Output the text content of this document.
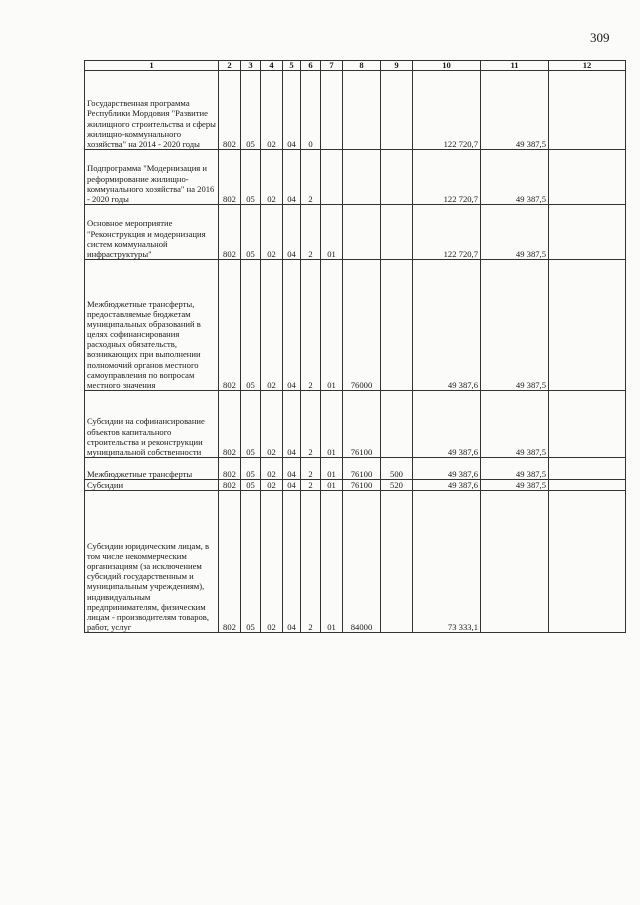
309
1	2	3	4	5	6	7	8	9	10	11	12
Государственная программа Республики Мордовия "Развитие жилищного строительства и сферы жилищно-коммунального хозяйства" на 2014 - 2020 годы	802	05	02	04	0				122 720,7	49 387,5	
Подпрограмма "Модернизация и реформирование жилищно-коммунального хозяйства" на 2016 - 2020 годы	802	05	02	04	2				122 720,7	49 387,5	
Основное мероприятие "Реконструкция и модернизация систем коммунальной инфраструктуры"	802	05	02	04	2	01			122 720,7	49 387,5	
Межбюджетные трансферты, предоставляемые бюджетам муниципальных образований в целях софинансирования расходных обязательств, возникающих при выполнении полномочий органов местного самоуправления по вопросам местного значения	802	05	02	04	2	01	76000		49 387,6	49 387,5	
Субсидии на софинансирование объектов капитального строительства и реконструкции муниципальной собственности	802	05	02	04	2	01	76100		49 387,6	49 387,5	
Межбюджетные трансферты	802	05	02	04	2	01	76100	500	49 387,6	49 387,5	
Субсидии	802	05	02	04	2	01	76100	520	49 387,6	49 387,5	
Субсидии юридическим лицам, в том числе некоммерческим организациям (за исключением субсидий государственным и муниципальным учреждениям), индивидуальным предпринимателям, физическим лицам - производителям товаров, работ, услуг	802	05	02	04	2	01	84000		73 333,1		
